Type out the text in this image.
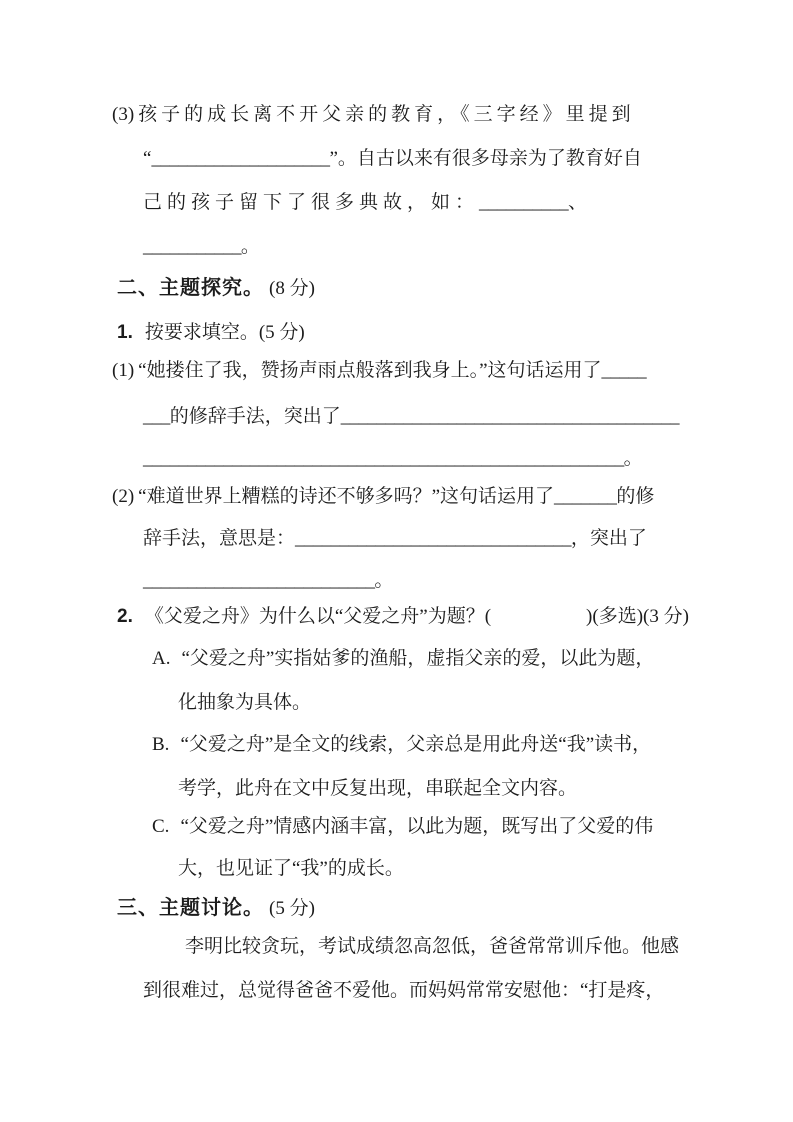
(3) 孩子的成长离不开父亲的教育，《三字经》里提到
“____________________”。自古以来有很多母亲为了教育好自
己的孩子留下了很多典故，如：__________、
___________。
二、主题探究。 (8 分)
1. 按要求填空。(5 分)
(1) “她搂住了我，赞扬声雨点般落到我身上。”这句话运用了_____
___的修辞手法，突出了______________________________________
______________________________________________________。
(2) “难道世界上糟糕的诗还不够多吗？”这句话运用了_______的修
辞手法，意思是：_______________________________，突出了
__________________________。
2. 《父爱之舟》为什么以“父爱之舟”为题？(　　　　　)(多选)(3 分)
A. “父爱之舟”实指姑爹的渔船，虚指父亲的爱，以此为题，
化抽象为具体。
B. “父爱之舟”是全文的线索，父亲总是用此舟送“我”读书，
考学，此舟在文中反复出现，串联起全文内容。
C. “父爱之舟”情感内涵丰富，以此为题，既写出了父爱的伟
大，也见证了“我”的成长。
三、主题讨论。 (5 分)
李明比较贪玩，考试成绩忽高忽低，爸爸常常训斥他。他感
到很难过，总觉得爸爸不爱他。而妈妈常常安慰他：“打是疼，
